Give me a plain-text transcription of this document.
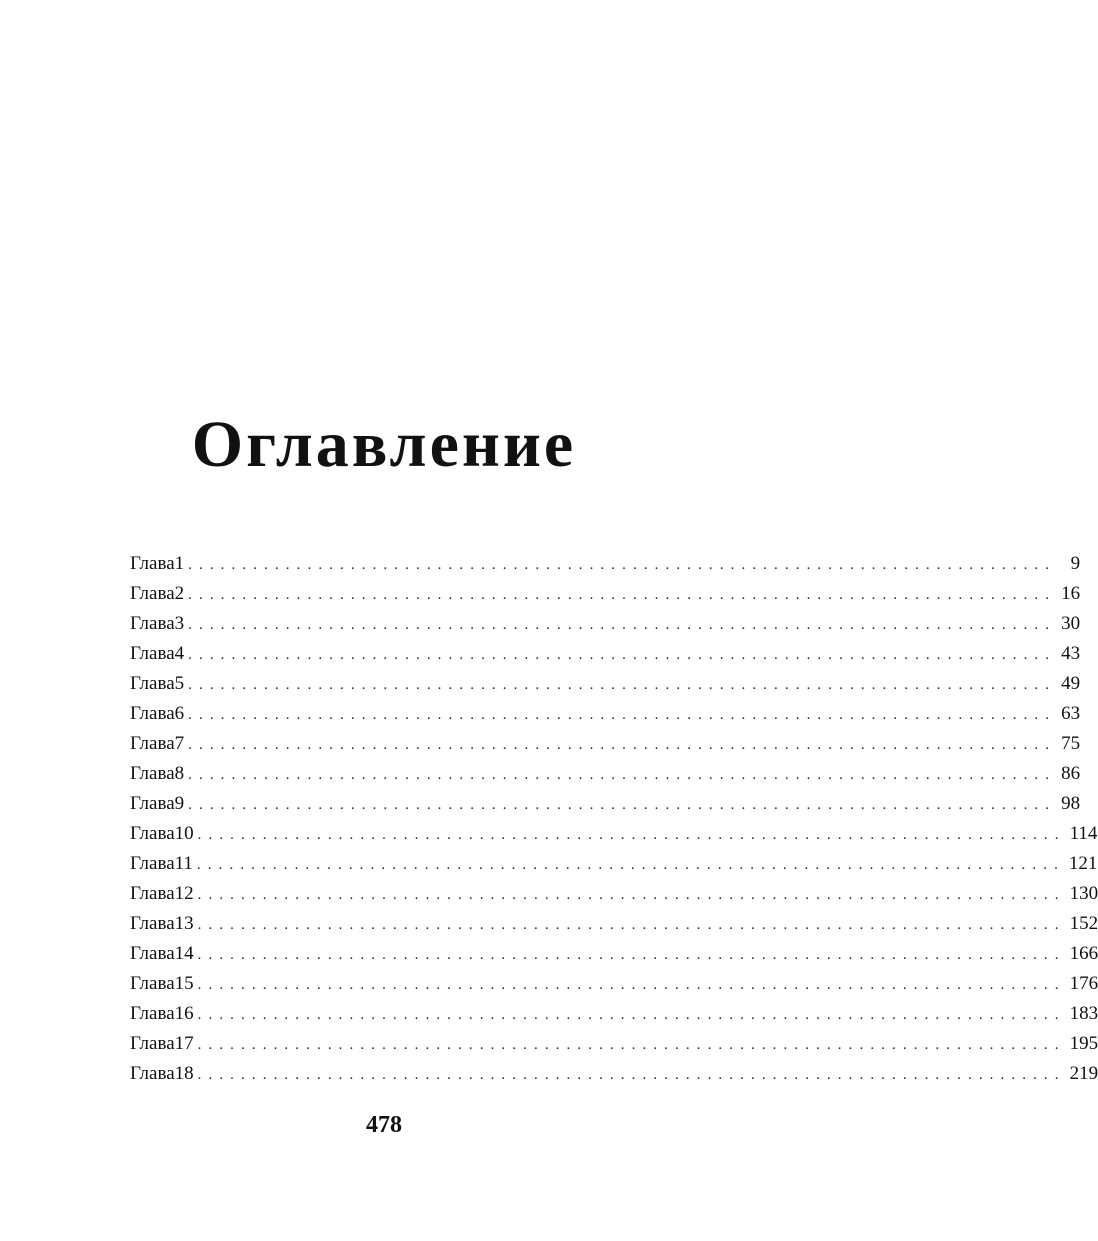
Оглавление
Глава 1 ................................................................................ 9
Глава 2 ................................................................................ 16
Глава 3 ................................................................................ 30
Глава 4 ................................................................................ 43
Глава 5 ................................................................................ 49
Глава 6 ................................................................................ 63
Глава 7 ................................................................................ 75
Глава 8 ................................................................................ 86
Глава 9 ................................................................................ 98
Глава 10 ................................................................................ 114
Глава 11 ................................................................................ 121
Глава 12 ................................................................................ 130
Глава 13 ................................................................................ 152
Глава 14 ................................................................................ 166
Глава 15 ................................................................................ 176
Глава 16 ................................................................................ 183
Глава 17 ................................................................................ 195
Глава 18 ................................................................................ 219
478
